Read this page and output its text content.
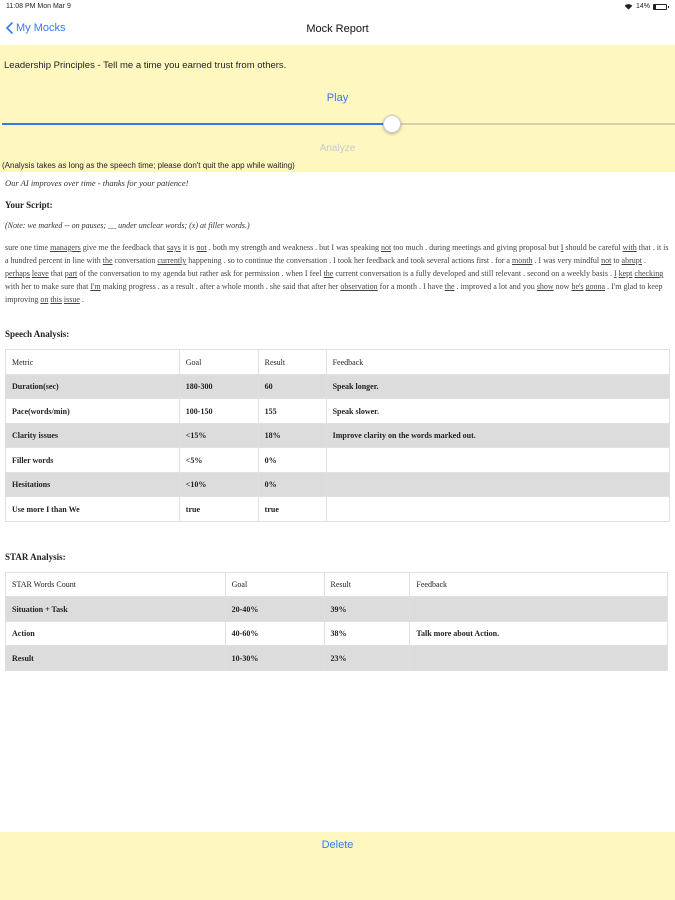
11:08 PM Mon Mar 9	14%
My Mocks	Mock Report
Leadership Principles - Tell me a time you earned trust from others.
Play
Analyze
(Analysis takes as long as the speech time; please don't quit the app while waiting)
Our AI improves over time - thanks for your patience!
Your Script:
(Note: we marked -- on pauses; __ under unclear words; (x) at filler words.)
sure one time managers give me the feedback that says it is not . both my strength and weakness . but I was speaking not too much . during meetings and giving proposal but I should be careful with that . it is a hundred percent in line with the conversation currently happening . so to continue the conversation . I took her feedback and took several actions first . for a month . I was very mindful not to abrupt . perhaps leave that part of the conversation to my agenda but rather ask for permission . when I feel the current conversation is a fully developed and still relevant . second on a weekly basis . I kept checking with her to make sure that I'm making progress . as a result . after a whole month . she said that after her observation for a month . I have the . improved a lot and you show now he's gonna . I'm glad to keep improving on this issue .
Speech Analysis:
Metric	Goal	Result	Feedback
Duration(sec)	180-300	60	Speak longer.
Pace(words/min)	100-150	155	Speak slower.
Clarity issues	<15%	18%	Improve clarity on the words marked out.
Filler words	<5%	0%	
Hesitations	<10%	0%	
Use more I than We	true	true	
STAR Analysis:
STAR Words Count	Goal	Result	Feedback
Situation + Task	20-40%	39%	
Action	40-60%	38%	Talk more about Action.
Result	10-30%	23%	
Delete
